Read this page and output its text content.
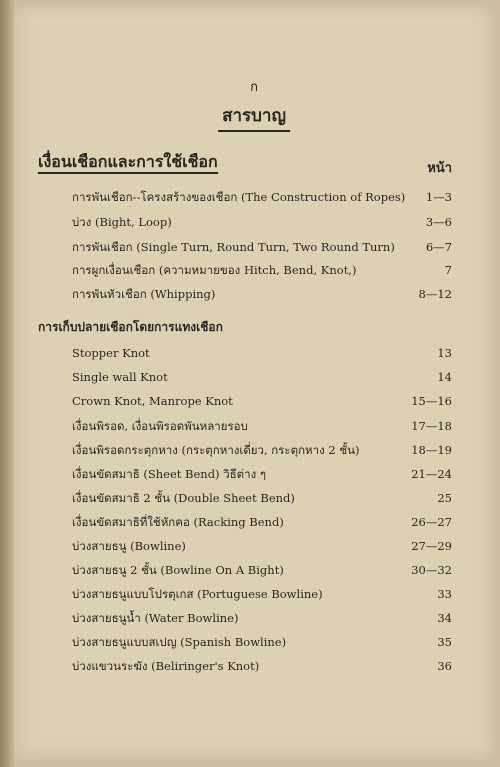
ก
สารบาญ
เงื่อนเชือกและการใช้เชือก	หน้า
การพันเชือก--โครงสร้างของเชือก (The Construction of Ropes)	1—3
บ่วง (Bight, Loop)	3—6
การพันเชือก (Single Turn, Round Turn, Two Round Turn)	6—7
การผูกเงื่อนเชือก (ความหมายของ Hitch, Bend, Knot,)	7
การพันหัวเชือก (Whipping)	8—12
การเก็บปลายเชือกโดยการแทงเชือก
Stopper Knot	13
Single wall Knot	14
Crown Knot, Manrope Knot	15—16
เงื่อนพิรอด, เงื่อนพิรอดพันหลายรอบ	17—18
เงื่อนพิรอดกระตุกหาง (กระตุกหางเดี่ยว, กระตุกหาง 2 ชั้น)	18—19
เงื่อนขัดสมาธิ (Sheet Bend) วิธีต่าง ๆ	21—24
เงื่อนขัดสมาธิ 2 ชั้น (Double Sheet Bend)	25
เงื่อนขัดสมาธิที่ใช้หักคอ (Racking Bend)	26—27
บ่วงสายธนู (Bowline)	27—29
บ่วงสายธนู 2 ชั้น (Bowline On A Bight)	30—32
บ่วงสายธนูแบบโปรตุเกส (Portuguese Bowline)	33
บ่วงสายธนูน้ำ (Water Bowline)	34
บ่วงสายธนูแบบสเปญ (Spanish Bowline)	35
บ่วงแขวนระฆัง (Beliringer's Knot)	36
